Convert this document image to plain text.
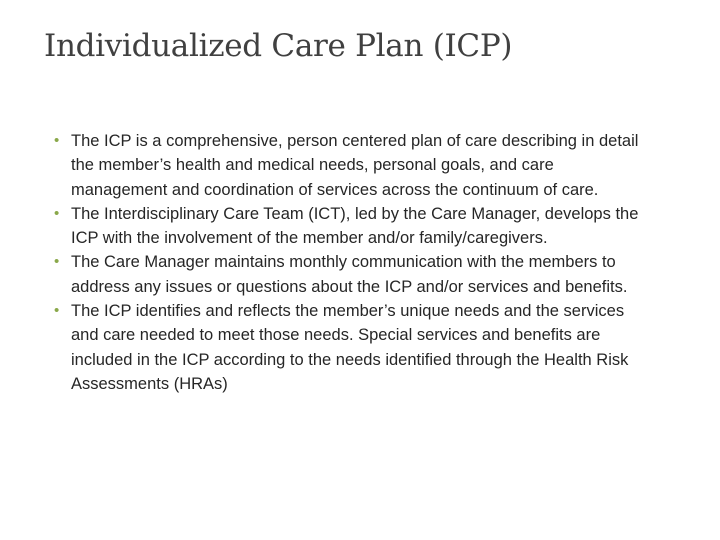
Individualized Care Plan (ICP)
• The ICP is a comprehensive, person centered plan of care describing in detail the member’s health and medical needs, personal goals, and care management and coordination of services across the continuum of care.
• The Interdisciplinary Care Team (ICT), led by the Care Manager, develops the ICP with the involvement of the member and/or family/caregivers.
• The Care Manager maintains monthly communication with the members to address any issues or questions about the ICP and/or services and benefits.
• The ICP identifies and reflects the member’s unique needs and the services and care needed to meet those needs. Special services and benefits are included in the ICP according to the needs identified through the Health Risk Assessments (HRAs)
